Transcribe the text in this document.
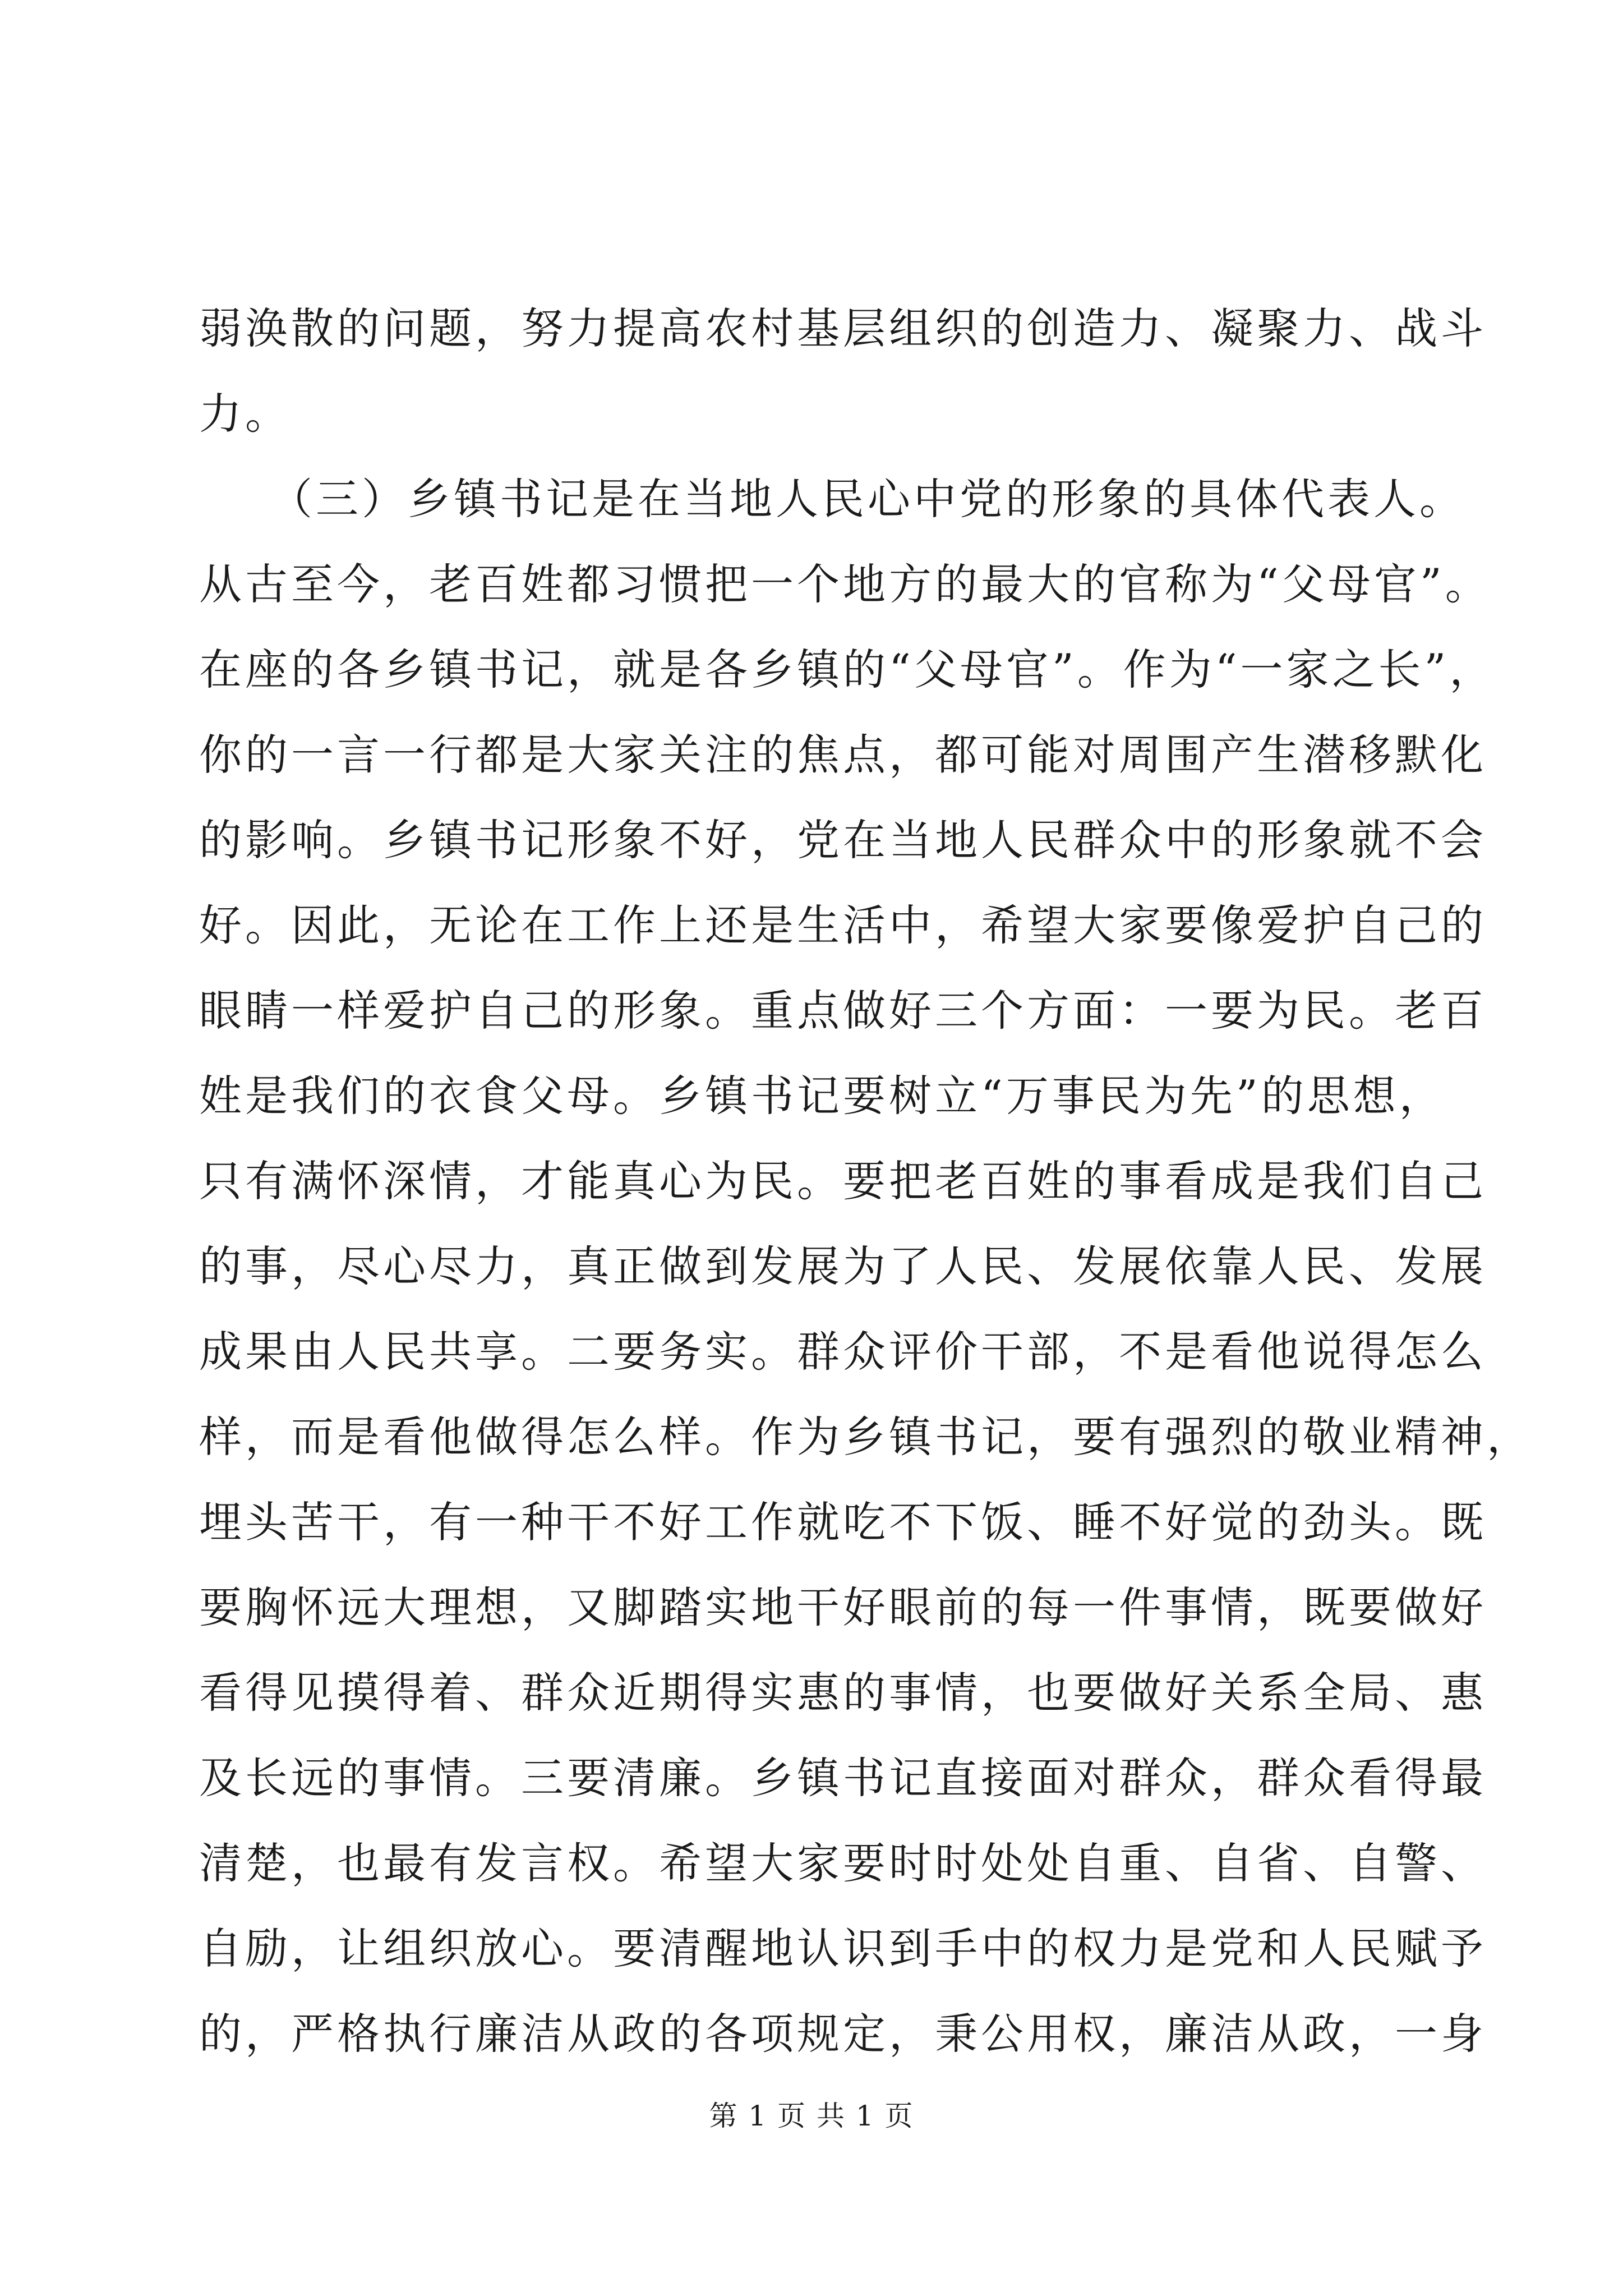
弱涣散的问题，努力提高农村基层组织的创造力、凝聚力、战斗
力。
　　（三）乡镇书记是在当地人民心中党的形象的具体代表人。
从古至今，老百姓都习惯把一个地方的最大的官称为“父母官”。
在座的各乡镇书记，就是各乡镇的“父母官”。作为“一家之长”，
你的一言一行都是大家关注的焦点，都可能对周围产生潜移默化
的影响。乡镇书记形象不好，党在当地人民群众中的形象就不会
好。因此，无论在工作上还是生活中，希望大家要像爱护自己的
眼睛一样爱护自己的形象。重点做好三个方面：一要为民。老百
姓是我们的衣食父母。乡镇书记要树立“万事民为先”的思想，
只有满怀深情，才能真心为民。要把老百姓的事看成是我们自己
的事，尽心尽力，真正做到发展为了人民、发展依靠人民、发展
成果由人民共享。二要务实。群众评价干部，不是看他说得怎么
样，而是看他做得怎么样。作为乡镇书记，要有强烈的敬业精神，
埋头苦干，有一种干不好工作就吃不下饭、睡不好觉的劲头。既
要胸怀远大理想，又脚踏实地干好眼前的每一件事情，既要做好
看得见摸得着、群众近期得实惠的事情，也要做好关系全局、惠
及长远的事情。三要清廉。乡镇书记直接面对群众，群众看得最
清楚，也最有发言权。希望大家要时时处处自重、自省、自警、
自励，让组织放心。要清醒地认识到手中的权力是党和人民赋予
的，严格执行廉洁从政的各项规定，秉公用权，廉洁从政，一身
第 1 页 共 1 页
